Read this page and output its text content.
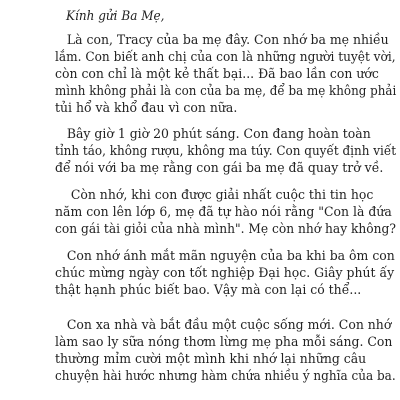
Kính gửi Ba Mẹ,
Là con, Tracy của ba mẹ đây. Con nhớ ba mẹ nhiều
lắm. Con biết anh chị của con là những người tuyệt vời,
còn con chỉ là một kẻ thất bại... Đã bao lần con ước
mình không phải là con của ba mẹ, để ba mẹ không phải
tủi hổ và khổ đau vì con nữa.
Bây giờ 1 giờ 20 phút sáng. Con đang hoàn toàn
tỉnh táo, không rượu, không ma túy. Con quyết định viết
để nói với ba mẹ rằng con gái ba mẹ đã quay trở về.
Còn nhớ, khi con được giải nhất cuộc thi tin học
năm con lên lớp 6, mẹ đã tự hào nói rằng "Con là đứa
con gái tài giỏi của nhà mình". Mẹ còn nhớ hay không?
Con nhớ ánh mắt mãn nguyện của ba khi ba ôm con
chúc mừng ngày con tốt nghiệp Đại học. Giây phút ấy
thật hạnh phúc biết bao. Vậy mà con lại có thể...
Con xa nhà và bắt đầu một cuộc sống mới. Con nhớ
làm sao ly sữa nóng thơm lừng mẹ pha mỗi sáng. Con
thường mỉm cười một mình khi nhớ lại những câu
chuyện hài hước nhưng hàm chứa nhiều ý nghĩa của ba.
